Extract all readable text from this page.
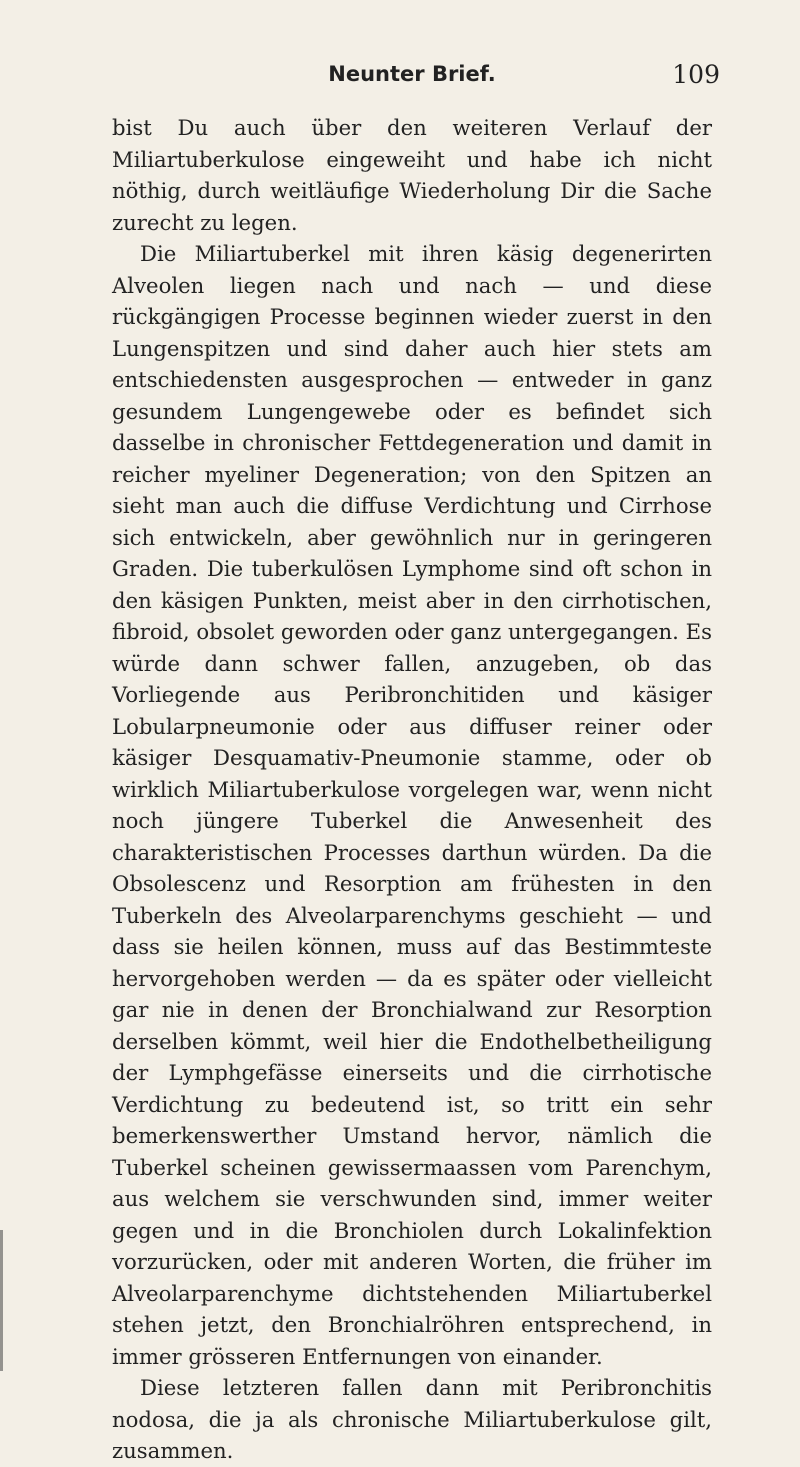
Neunter Brief.	109

bist Du auch über den weiteren Verlauf der Miliartuberkulose eingeweiht und habe ich nicht nöthig, durch weitläufige Wiederholung Dir die Sache zurecht zu legen.

Die Miliartuberkel mit ihren käsig degenerirten Alveolen liegen nach und nach — und diese rückgängigen Processe beginnen wieder zuerst in den Lungenspitzen und sind daher auch hier stets am entschiedensten ausgesprochen — entweder in ganz gesundem Lungengewebe oder es befindet sich dasselbe in chronischer Fettdegeneration und damit in reicher myeliner Degeneration; von den Spitzen an sieht man auch die diffuse Verdichtung und Cirrhose sich entwickeln, aber gewöhnlich nur in geringeren Graden. Die tuberkulösen Lymphome sind oft schon in den käsigen Punkten, meist aber in den cirrhotischen, fibroid, obsolet geworden oder ganz untergegangen. Es würde dann schwer fallen, anzugeben, ob das Vorliegende aus Peribronchitiden und käsiger Lobularpneumonie oder aus diffuser reiner oder käsiger Desquamativ-Pneumonie stamme, oder ob wirklich Miliartuberkulose vorgelegen war, wenn nicht noch jüngere Tuberkel die Anwesenheit des charakteristischen Processes darthun würden. Da die Obsolescenz und Resorption am frühesten in den Tuberkeln des Alveolarparenchyms geschieht — und dass sie heilen können, muss auf das Bestimmteste hervorgehoben werden — da es später oder vielleicht gar nie in denen der Bronchialwand zur Resorption derselben kömmt, weil hier die Endothelbetheiligung der Lymphgefässe einerseits und die cirrhotische Verdichtung zu bedeutend ist, so tritt ein sehr bemerkenswerther Umstand hervor, nämlich die Tuberkel scheinen gewissermaassen vom Parenchym, aus welchem sie verschwunden sind, immer weiter gegen und in die Bronchiolen durch Lokalinfektion vorzurücken, oder mit anderen Worten, die früher im Alveolarparenchyme dichtstehenden Miliartuberkel stehen jetzt, den Bronchialröhren entsprechend, in immer grösseren Entfernungen von einander.

Diese letzteren fallen dann mit Peribronchitis nodosa, die ja als chronische Miliartuberkulose gilt, zusammen.
